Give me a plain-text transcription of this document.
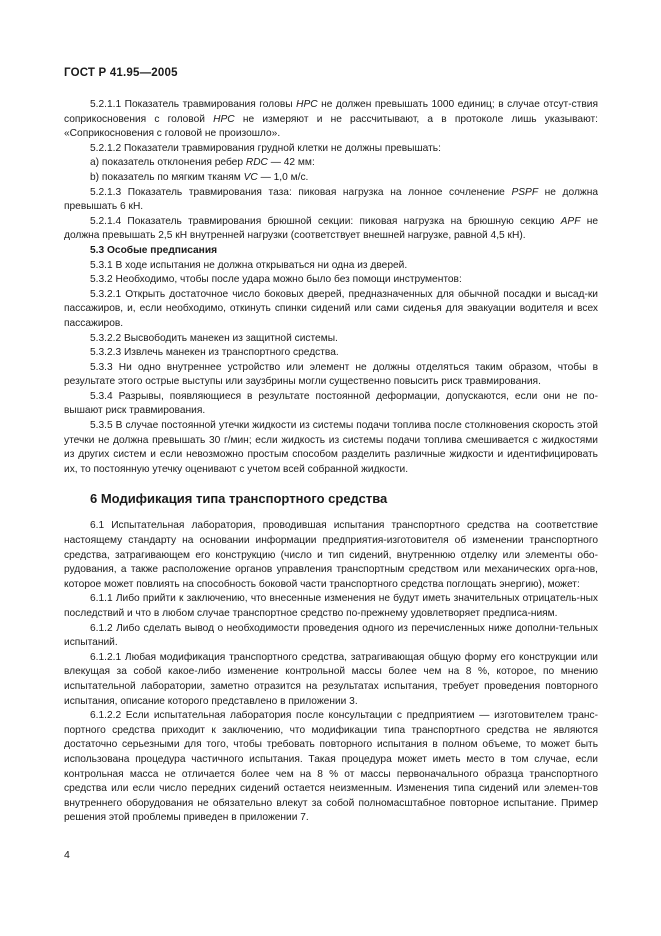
ГОСТ Р 41.95—2005

5.2.1.1 Показатель травмирования головы HPC не должен превышать 1000 единиц; в случае отсут-ствия соприкосновения с головой HPC не измеряют и не рассчитывают, а в протоколе лишь указывают: «Соприкосновения с головой не произошло».

5.2.1.2 Показатели травмирования грудной клетки не должны превышать:

а) показатель отклонения ребер RDC — 42 мм:

b) показатель по мягким тканям VC — 1,0 м/с.

5.2.1.3 Показатель травмирования таза: пиковая нагрузка на лонное сочленение PSPF не должна превышать 6 кН.

5.2.1.4 Показатель травмирования брюшной секции: пиковая нагрузка на брюшную секцию APF не должна превышать 2,5 кН внутренней нагрузки (соответствует внешней нагрузке, равной 4,5 кН).

5.3 Особые предписания

5.3.1 В ходе испытания не должна открываться ни одна из дверей.

5.3.2 Необходимо, чтобы после удара можно было без помощи инструментов:

5.3.2.1 Открыть достаточное число боковых дверей, предназначенных для обычной посадки и высад-ки пассажиров, и, если необходимо, откинуть спинки сидений или сами сиденья для эвакуации водителя и всех пассажиров.

5.3.2.2 Высвободить манекен из защитной системы.

5.3.2.3 Извлечь манекен из транспортного средства.

5.3.3 Ни одно внутреннее устройство или элемент не должны отделяться таким образом, чтобы в результате этого острые выступы или заузбрины могли существенно повысить риск травмирования.

5.3.4 Разрывы, появляющиеся в результате постоянной деформации, допускаются, если они не по-вышают риск травмирования.

5.3.5 В случае постоянной утечки жидкости из системы подачи топлива после столкновения скорость этой утечки не должна превышать 30 г/мин; если жидкость из системы подачи топлива смешивается с жидкостями из других систем и если невозможно простым способом разделить различные жидкости и идентифицировать их, то постоянную утечку оценивают с учетом всей собранной жидкости.

6 Модификация типа транспортного средства

6.1 Испытательная лаборатория, проводившая испытания транспортного средства на соответствие настоящему стандарту на основании информации предприятия-изготовителя об изменении транспортного средства, затрагивающем его конструкцию (число и тип сидений, внутреннюю отделку или элементы обо-рудования, а также расположение органов управления транспортным средством или механических орга-нов, которое может повлиять на способность боковой части транспортного средства поглощать энергию), может:

6.1.1 Либо прийти к заключению, что внесенные изменения не будут иметь значительных отрицатель-ных последствий и что в любом случае транспортное средство по-прежнему удовлетворяет предписа-ниям.

6.1.2 Либо сделать вывод о необходимости проведения одного из перечисленных ниже дополни-тельных испытаний.

6.1.2.1 Любая модификация транспортного средства, затрагивающая общую форму его конструкции или влекущая за собой какое-либо изменение контрольной массы более чем на 8 %, которое, по мнению испытательной лаборатории, заметно отразится на результатах испытания, требует проведения повторного испытания, описание которого представлено в приложении 3.

6.1.2.2 Если испытательная лаборатория после консультации с предприятием — изготовителем транс-портного средства приходит к заключению, что модификации типа транспортного средства не являются достаточно серьезными для того, чтобы требовать повторного испытания в полном объеме, то может быть использована процедура частичного испытания. Такая процедура может иметь место в том случае, если контрольная масса не отличается более чем на 8 % от массы первоначального образца транспортного средства или если число передних сидений остается неизменным. Изменения типа сидений или элемен-тов внутреннего оборудования не обязательно влекут за собой полномасштабное повторное испытание. Пример решения этой проблемы приведен в приложении 7.

4
